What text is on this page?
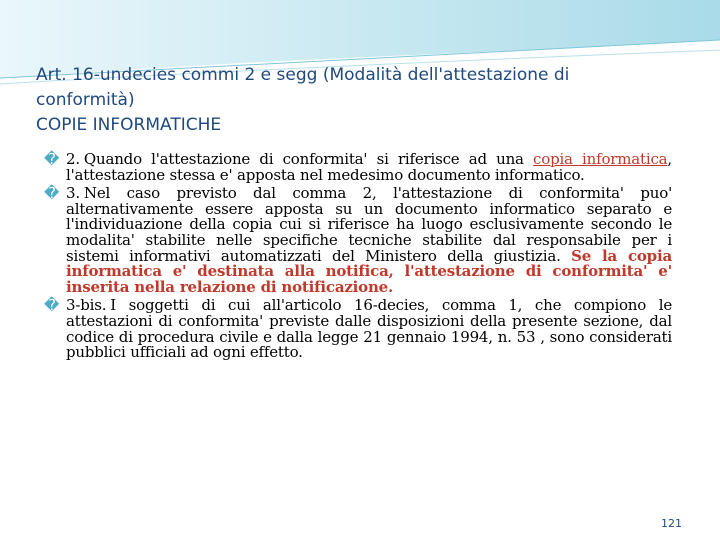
Art. 16-undecies commi 2 e segg (Modalità dell'attestazione di
conformità)
COPIE INFORMATICHE

� 2. Quando l'attestazione di conformita' si riferisce ad una copia informatica, l'attestazione stessa e' apposta nel medesimo documento informatico.

� 3. Nel caso previsto dal comma 2, l'attestazione di conformita' puo' alternativamente essere apposta su un documento informatico separato e l'individuazione della copia cui si riferisce ha luogo esclusivamente secondo le modalita' stabilite nelle specifiche tecniche stabilite dal responsabile per i sistemi informativi automatizzati del Ministero della giustizia. Se la copia informatica e' destinata alla notifica, l'attestazione di conformita' e' inserita nella relazione di notificazione.

� 3-bis. I soggetti di cui all'articolo 16-decies, comma 1, che compiono le attestazioni di conformita' previste dalle disposizioni della presente sezione, dal codice di procedura civile e dalla legge 21 gennaio 1994, n. 53 , sono considerati pubblici ufficiali ad ogni effetto.

121
